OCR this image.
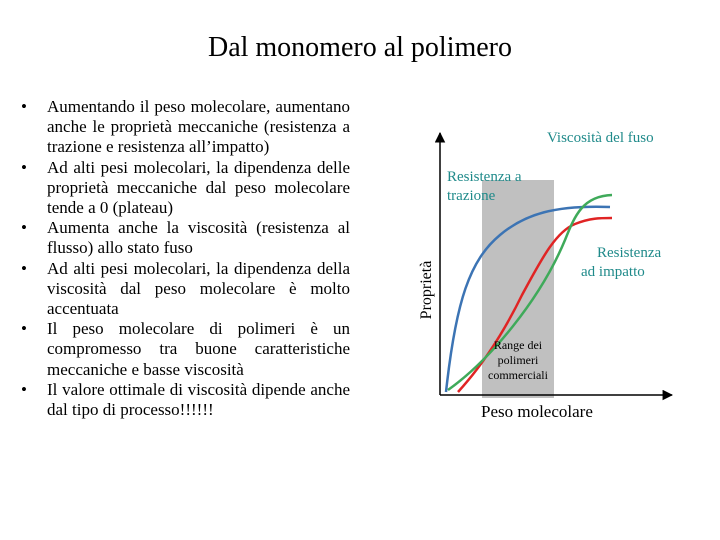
Dal monomero al polimero
• Aumentando il peso molecolare, aumentano anche le proprietà meccaniche (resistenza a trazione e resistenza all’impatto)
• Ad alti pesi molecolari, la dipendenza delle proprietà meccaniche dal peso molecolare tende a 0 (plateau)
• Aumenta anche la viscosità (resistenza al flusso) allo stato fuso
• Ad alti pesi molecolari, la dipendenza della viscosità dal peso molecolare è molto accentuata
• Il peso molecolare di polimeri è un compromesso tra buone caratteristiche meccaniche e basse viscosità
• Il valore ottimale di viscosità dipende anche dal tipo di processo!!!!!!
Viscosità del fuso
Resistenza a
trazione
Resistenza
ad impatto
Range dei
polimeri
commerciali
Peso molecolare
Proprietà
